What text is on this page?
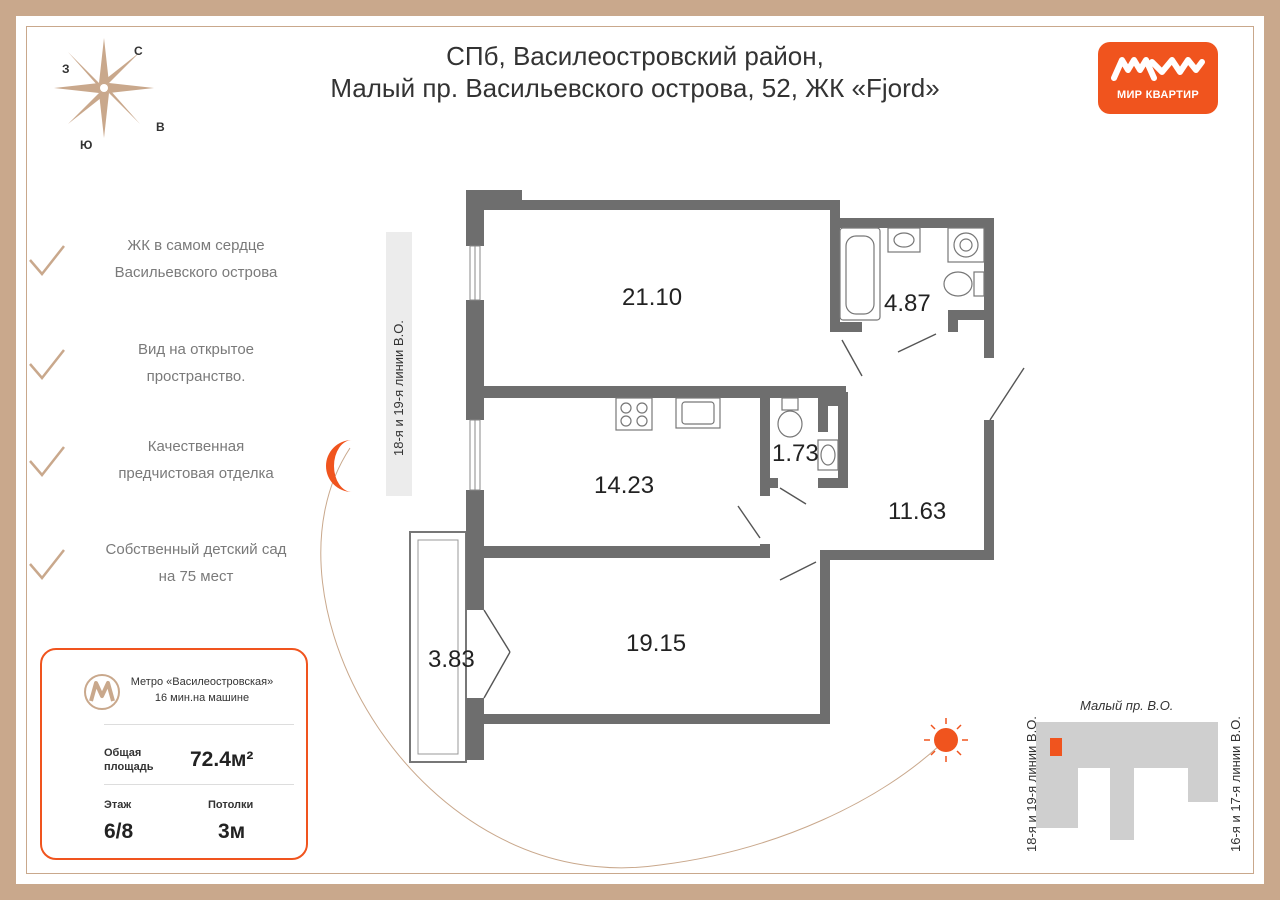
СПб, Василеостровский район,
Малый пр. Васильевского острова, 52, ЖК «Fjord»	МИР КВАРТИР
С
З
В
Ю
ЖК в самом сердце
Васильевского острова
Вид на открытое
пространство.
Качественная
предчистовая отделка
Собственный детский сад
на 75 мест
Метро «Василеостровская»
16 мин.на машине
Общая
площадь 72.4м²
Этаж	Потолки
6/8	3м
21.10	4.87
1.73
14.23
11.63
19.15
3.83
18-я и 19-я линии В.О.
Малый пр. В.О.
18-я и 19-я линии В.О.	16-я и 17-я линии В.О.
